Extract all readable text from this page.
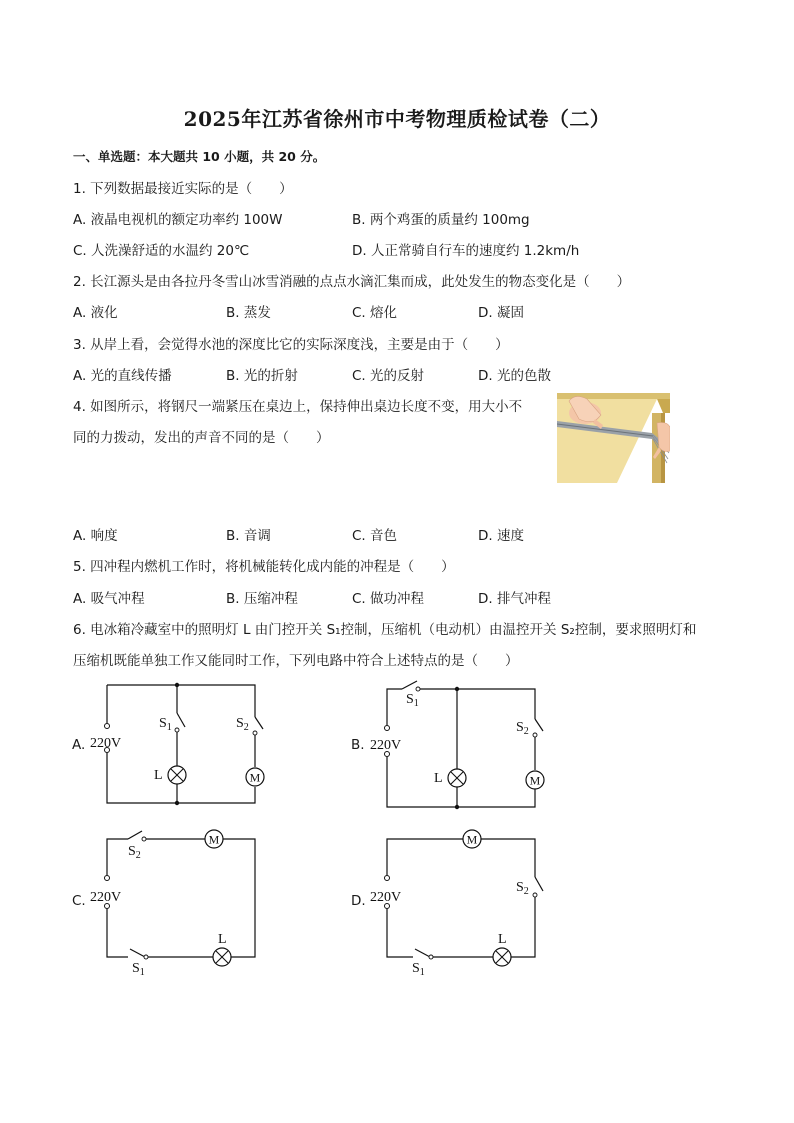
2025年江苏省徐州市中考物理质检试卷（二）
一、单选题：本大题共 10 小题，共 20 分。
1. 下列数据最接近实际的是（　　）
A. 液晶电视机的额定功率约 100W	B. 两个鸡蛋的质量约 100mg
C. 人洗澡舒适的水温约 20℃	D. 人正常骑自行车的速度约 1.2km/h
2. 长江源头是由各拉丹冬雪山冰雪消融的点点水滴汇集而成，此处发生的物态变化是（　　）
A. 液化	B. 蒸发	C. 熔化	D. 凝固
3. 从岸上看，会觉得水池的深度比它的实际深度浅，主要是由于（　　）
A. 光的直线传播	B. 光的折射	C. 光的反射	D. 光的色散
4. 如图所示，将钢尺一端紧压在桌边上，保持伸出桌边长度不变，用大小不
同的力拨动，发出的声音不同的是（　　）
A. 响度	B. 音调	C. 音色	D. 速度
5. 四冲程内燃机工作时，将机械能转化成内能的冲程是（　　）
A. 吸气冲程	B. 压缩冲程	C. 做功冲程	D. 排气冲程
6. 电冰箱冷藏室中的照明灯 L 由门控开关 S₁控制，压缩机（电动机）由温控开关 S₂控制，要求照明灯和
压缩机既能单独工作又能同时工作，下列电路中符合上述特点的是（　　）
A.	B.
C.	D.
M
220V
L
$S_1$	$S_2$
M
220V
L
$S_1$
$S_2$
M
220V
L
$S_2$
$S_1$
M
220V
L
$S_2$
$S_1$
